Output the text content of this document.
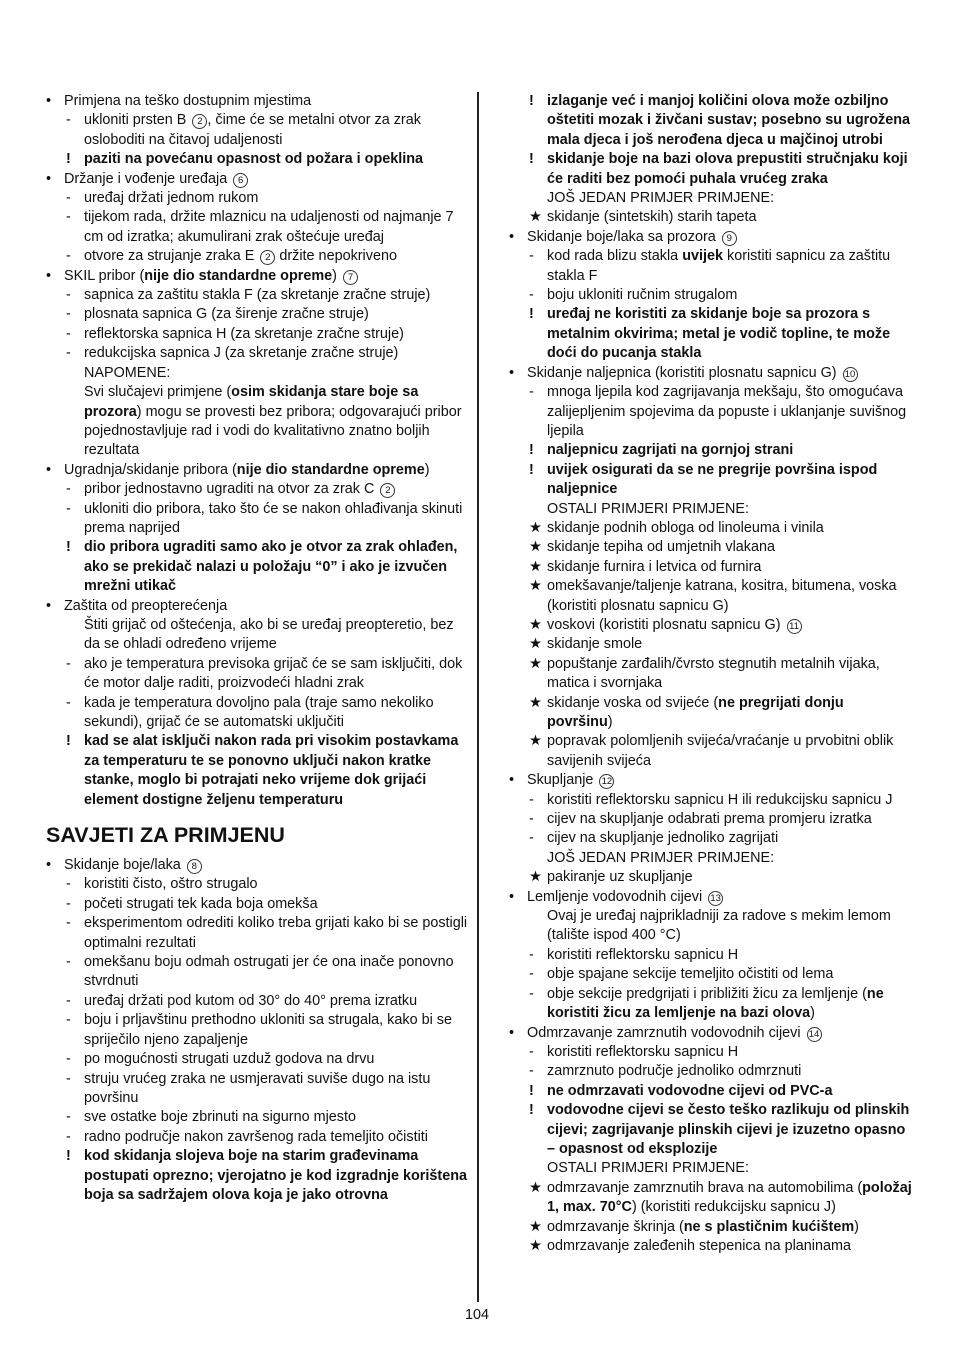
• Primjena na teško dostupnim mjestima
- ukloniti prsten B 2 , čime će se metalni otvor za zrak osloboditi na čitavoj udaljenosti
! paziti na povećanu opasnost od požara i opeklina
• Držanje i vođenje uređaja 6
- uređaj držati jednom rukom
- tijekom rada, držite mlaznicu na udaljenosti od najmanje 7 cm od izratka; akumulirani zrak oštećuje uređaj
- otvore za strujanje zraka E 2 držite nepokriveno
• SKIL pribor (nije dio standardne opreme) 7
- sapnica za zaštitu stakla F (za skretanje zračne struje)
- plosnata sapnica G (za širenje zračne struje)
- reflektorska sapnica H (za skretanje zračne struje)
- redukcijska sapnica J (za skretanje zračne struje)
NAPOMENE:
Svi slučajevi primjene (osim skidanja stare boje sa prozora) mogu se provesti bez pribora; odgovarajući pribor pojednostavljuje rad i vodi do kvalitativno znatno boljih rezultata
• Ugradnja/skidanje pribora (nije dio standardne opreme)
- pribor jednostavno ugraditi na otvor za zrak C 2
- ukloniti dio pribora, tako što će se nakon ohlađivanja skinuti prema naprijed
! dio pribora ugraditi samo ako je otvor za zrak ohlađen, ako se prekidač nalazi u položaju “0” i ako je izvučen mrežni utikač
• Zaštita od preopterećenja
Štiti grijač od oštećenja, ako bi se uređaj preopteretio, bez da se ohladi određeno vrijeme
- ako je temperatura previsoka grijač će se sam isključiti, dok će motor dalje raditi, proizvodeći hladni zrak
- kada je temperatura dovoljno pala (traje samo nekoliko sekundi), grijač će se automatski uključiti
! kad se alat isključi nakon rada pri visokim postavkama za temperaturu te se ponovno uključi nakon kratke stanke, moglo bi potrajati neko vrijeme dok grijaći element dostigne željenu temperaturu
SAVJETI ZA PRIMJENU
• Skidanje boje/laka 8
- koristiti čisto, oštro strugalo
- početi strugati tek kada boja omekša
- eksperimentom odrediti koliko treba grijati kako bi se postigli optimalni rezultati
- omekšanu boju odmah ostrugati jer će ona inače ponovno stvrdnuti
- uređaj držati pod kutom od 30° do 40° prema izratku
- boju i prljavštinu prethodno ukloniti sa strugala, kako bi se spriječilo njeno zapaljenje
- po mogućnosti strugati uzduž godova na drvu
- struju vrućeg zraka ne usmjeravati suviše dugo na istu površinu
- sve ostatke boje zbrinuti na sigurno mjesto
- radno područje nakon završenog rada temeljito očistiti
! kod skidanja slojeva boje na starim građevinama postupati oprezno; vjerojatno je kod izgradnje korištena boja sa sadržajem olova koja je jako otrovna
! izlaganje već i manjoj količini olova može ozbiljno oštetiti mozak i živčani sustav; posebno su ugrožena mala djeca i još nerođena djeca u majčinoj utrobi
! skidanje boje na bazi olova prepustiti stručnjaku koji će raditi bez pomoći puhala vrućeg zraka
JOŠ JEDAN PRIMJER PRIMJENE:
★ skidanje (sintetskih) starih tapeta
• Skidanje boje/laka sa prozora 9
- kod rada blizu stakla uvijek koristiti sapnicu za zaštitu stakla F
- boju ukloniti ručnim strugalom
! uređaj ne koristiti za skidanje boje sa prozora s metalnim okvirima; metal je vodič topline, te može doći do pucanja stakla
• Skidanje naljepnica (koristiti plosnatu sapnicu G) 10
- mnoga ljepila kod zagrijavanja mekšaju, što omogućava zalijepljenim spojevima da popuste i uklanjanje suvišnog ljepila
! naljepnicu zagrijati na gornjoj strani
! uvijek osigurati da se ne pregrije površina ispod naljepnice
OSTALI PRIMJERI PRIMJENE:
★ skidanje podnih obloga od linoleuma i vinila
★ skidanje tepiha od umjetnih vlakana
★ skidanje furnira i letvica od furnira
★ omekšavanje/taljenje katrana, kositra, bitumena, voska (koristiti plosnatu sapnicu G)
★ voskovi (koristiti plosnatu sapnicu G) 11
★ skidanje smole
★ popuštanje zarđalih/čvrsto stegnutih metalnih vijaka, matica i svornjaka
★ skidanje voska od svijeće (ne pregrijati donju površinu)
★ popravak polomljenih svijeća/vraćanje u prvobitni oblik savijenih svijeća
• Skupljanje 12
- koristiti reflektorsku sapnicu H ili redukcijsku sapnicu J
- cijev na skupljanje odabrati prema promjeru izratka
- cijev na skupljanje jednoliko zagrijati
JOŠ JEDAN PRIMJER PRIMJENE:
★ pakiranje uz skupljanje
• Lemljenje vodovodnih cijevi 13
Ovaj je uređaj najprikladniji za radove s mekim lemom (talište ispod 400 °C)
- koristiti reflektorsku sapnicu H
- obje spajane sekcije temeljito očistiti od lema
- obje sekcije predgrijati i približiti žicu za lemljenje (ne koristiti žicu za lemljenje na bazi olova)
• Odmrzavanje zamrznutih vodovodnih cijevi 14
- koristiti reflektorsku sapnicu H
- zamrznuto područje jednoliko odmrznuti
! ne odmrzavati vodovodne cijevi od PVC-a
! vodovodne cijevi se često teško razlikuju od plinskih cijevi; zagrijavanje plinskih cijevi je izuzetno opasno – opasnost od eksplozije
OSTALI PRIMJERI PRIMJENE:
★ odmrzavanje zamrznutih brava na automobilima (položaj 1, max. 70°C) (koristiti redukcijsku sapnicu J)
★ odmrzavanje škrinja (ne s plastičnim kućištem)
★ odmrzavanje zaleđenih stepenica na planinama
104
